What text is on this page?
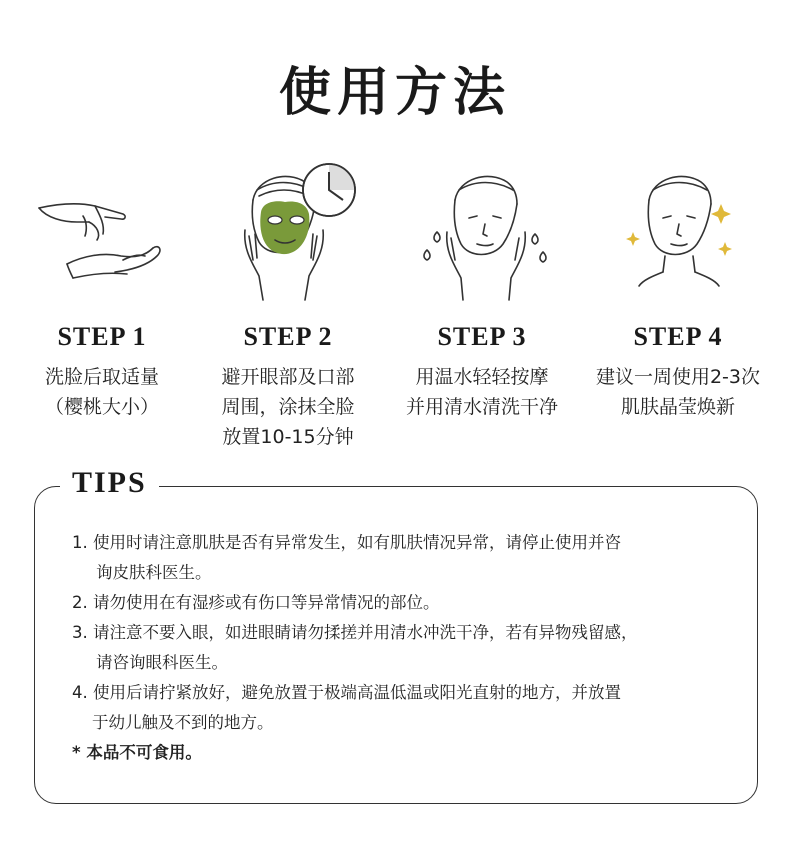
使用方法
STEP 1
洗脸后取适量
（樱桃大小）
STEP 2
避开眼部及口部
周围，涂抹全脸
放置10-15分钟
STEP 3
用温水轻轻按摩
并用清水清洗干净
STEP 4
建议一周使用2-3次
肌肤晶莹焕新
TIPS
1. 使用时请注意肌肤是否有异常发生，如有肌肤情况异常，请停止使用并咨
询皮肤科医生。
2. 请勿使用在有湿疹或有伤口等异常情况的部位。
3. 请注意不要入眼，如进眼睛请勿揉搓并用清水冲洗干净，若有异物残留感，
请咨询眼科医生。
4. 使用后请拧紧放好，避免放置于极端高温低温或阳光直射的地方，并放置
于幼儿触及不到的地方。
* 本品不可食用。
